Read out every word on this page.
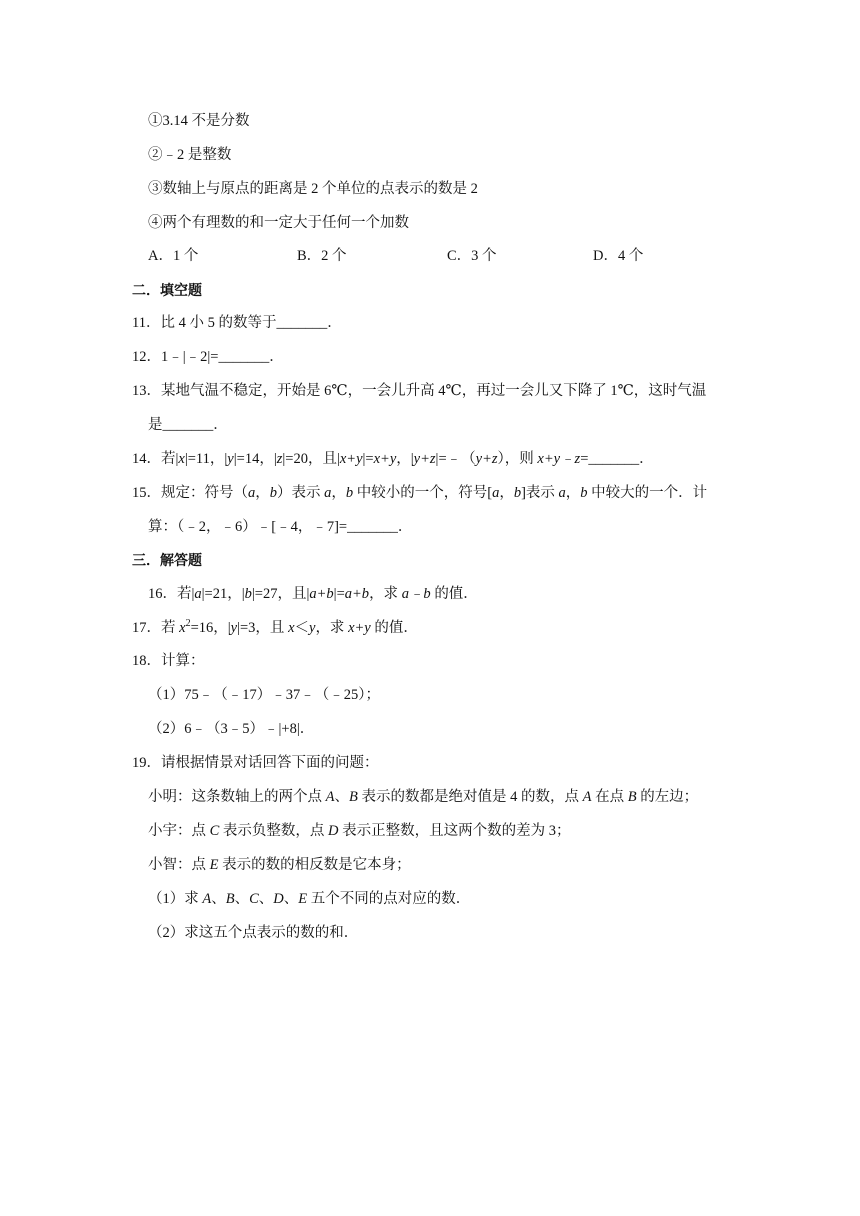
①3.14 不是分数
②﹣2 是整数
③数轴上与原点的距离是 2 个单位的点表示的数是 2
④两个有理数的和一定大于任何一个加数
A．1 个	B．2 个	C．3 个	D．4 个
二．填空题
11．比 4 小 5 的数等于_______．
12．1﹣|﹣2|=_______．
13．某地气温不稳定，开始是 6℃，一会儿升高 4℃，再过一会儿又下降了 1℃，这时气温
是_______．
14．若|x|=11，|y|=14，|z|=20，且|x+y|=x+y，|y+z|=﹣（y+z），则 x+y﹣z=_______．
15．规定：符号（a，b）表示 a，b 中较小的一个，符号[a，b]表示 a，b 中较大的一个．计
算：（﹣2，﹣6）﹣[﹣4，﹣7]=_______．
三．解答题
16．若|a|=21，|b|=27，且|a+b|=a+b，求 a﹣b 的值．
17．若 $x^2=16$，|y|=3，且 x＜y，求 x+y 的值．
18．计算：
（1）75﹣（﹣17）﹣37﹣（﹣25）；
（2）6﹣（3﹣5）﹣|+8|．
19．请根据情景对话回答下面的问题：
小明：这条数轴上的两个点 A、B 表示的数都是绝对值是 4 的数，点 A 在点 B 的左边；
小宇：点 C 表示负整数，点 D 表示正整数，且这两个数的差为 3；
小智：点 E 表示的数的相反数是它本身；
（1）求 A、B、C、D、E 五个不同的点对应的数．
（2）求这五个点表示的数的和．
